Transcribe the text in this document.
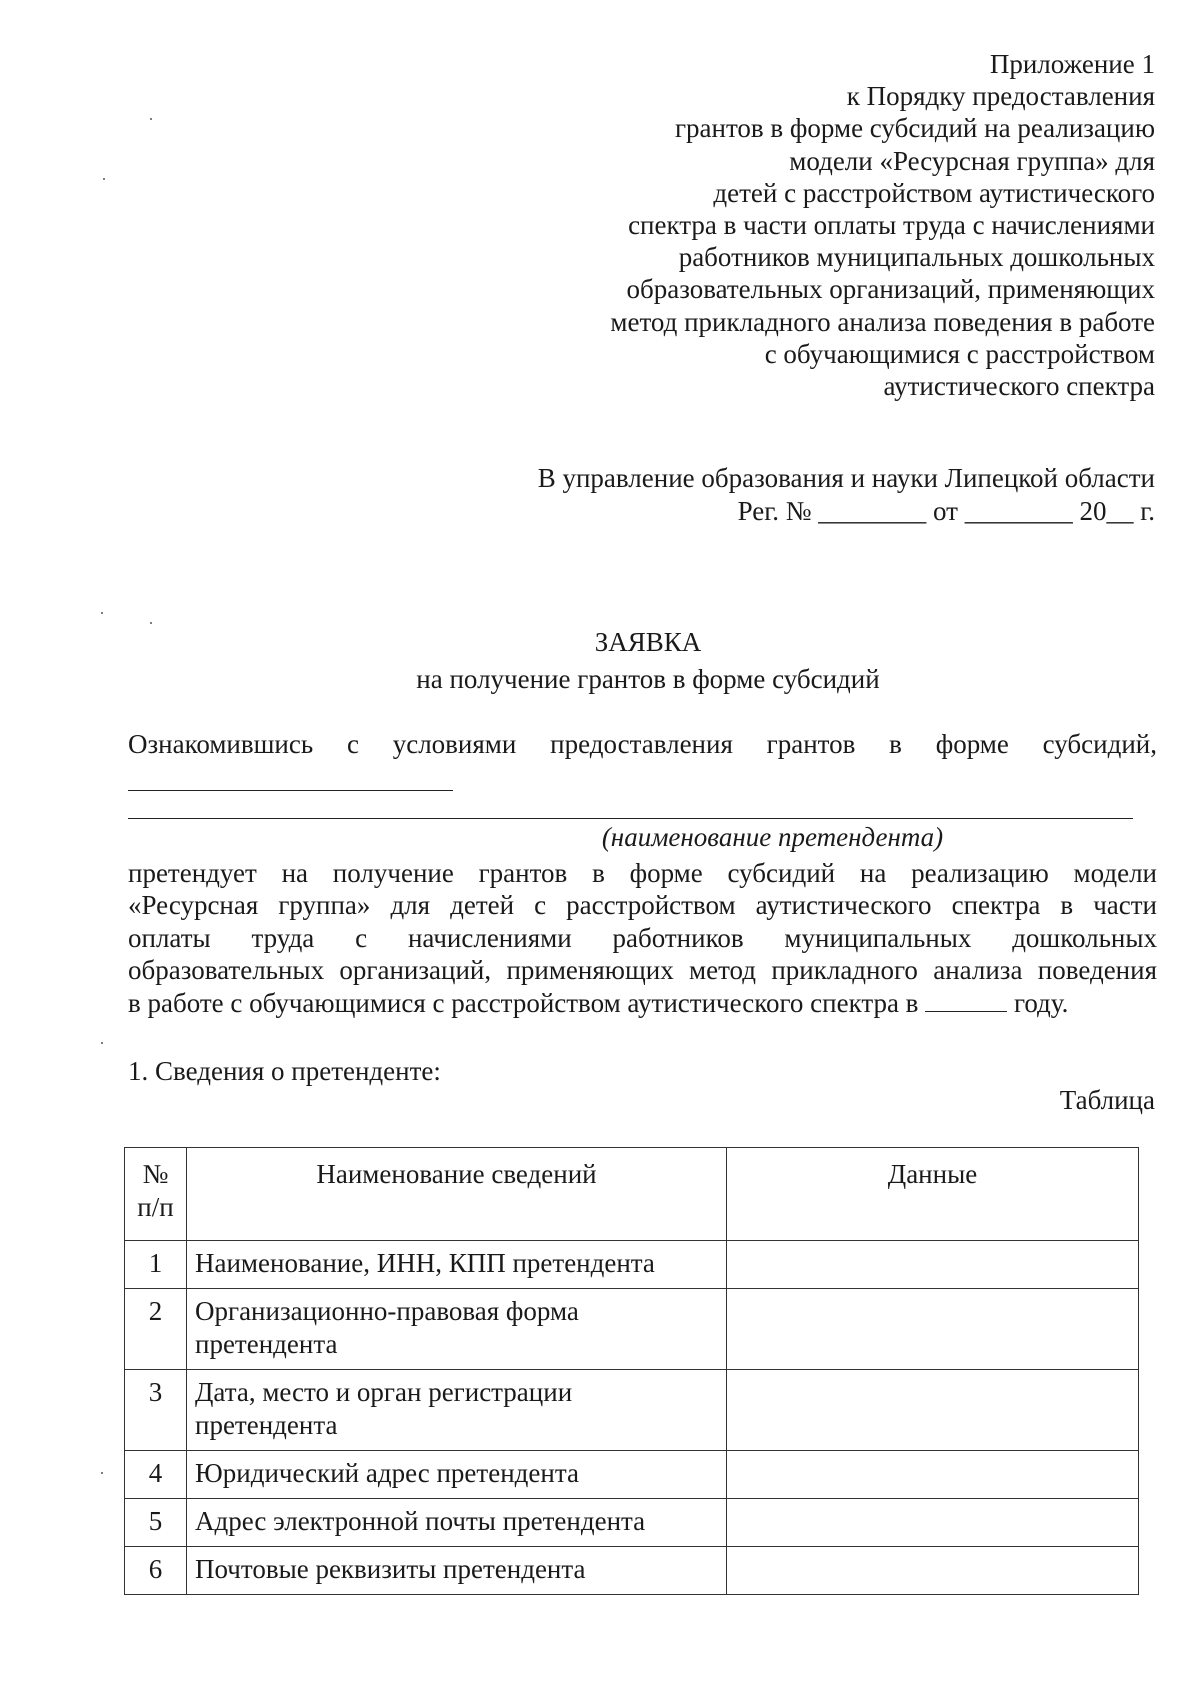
Приложение 1
к Порядку предоставления
грантов в форме субсидий на реализацию
модели «Ресурсная группа» для
детей с расстройством аутистического
спектра в части оплаты труда с начислениями
работников муниципальных дошкольных
образовательных организаций, применяющих
метод прикладного анализа поведения в работе
с обучающимися с расстройством
аутистического спектра
В управление образования и науки Липецкой области
Рег. № ________ от ________ 20__ г.
ЗАЯВКА
на получение грантов в форме субсидий
Ознакомившись с условиями предоставления грантов в форме субсидий,
(наименование претендента)
претендует на получение грантов в форме субсидий на реализацию модели
«Ресурсная группа» для детей с расстройством аутистического спектра в части
оплаты труда с начислениями работников муниципальных дошкольных
образовательных организаций, применяющих метод прикладного анализа поведения
в работе с обучающимися с расстройством аутистического спектра в	году.
1. Сведения о претенденте:
Таблица
№ п/п	Наименование сведений	Данные
1	Наименование, ИНН, КПП претендента	
2	Организационно-правовая форма претендента	
3	Дата, место и орган регистрации претендента	
4	Юридический адрес претендента	
5	Адрес электронной почты претендента	
6	Почтовые реквизиты претендента	
